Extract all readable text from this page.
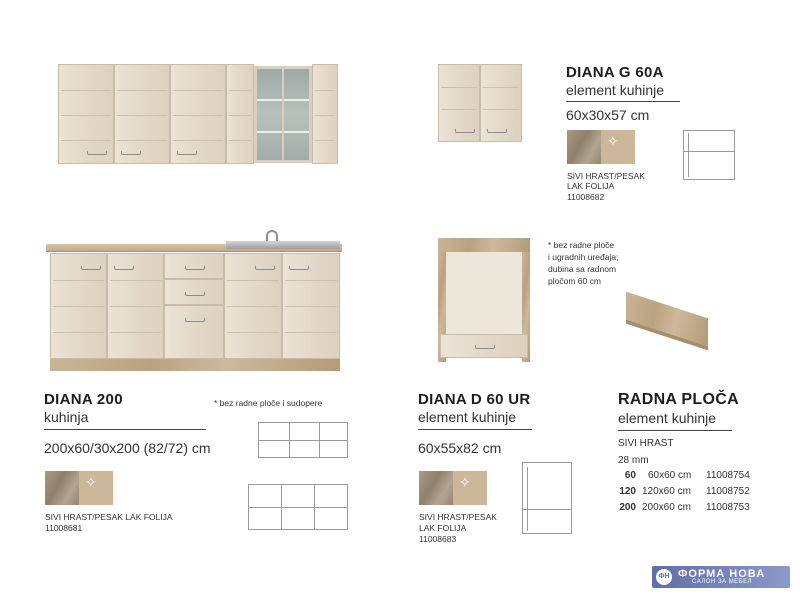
DIANA G 60A
element kuhinje
60x30x57 cm
✧
SIVI HRAST/PESAK
LAK FOLIJA
11008682
* bez radne ploče
i ugradnih uređaja;
dubina sa radnom
pločom 60 cm
DIANA 200	* bez radne ploče i sudopere
kuhinja
200x60/30x200 (82/72) cm
✧
SIVI HRAST/PESAK LAK FOLIJA
11008681
DIANA D 60 UR
element kuhinje
60x55x82 cm
✧
SIVI HRAST/PESAK
LAK FOLIJA
11008683
RADNA PLOČA
element kuhinje
SIVI HRAST
28 mm
60 60x60 cm 11008754
120 120x60 cm 11008752
200 200x60 cm 11008753
ФН ФОРМА НОВА
САЛОН ЗА МЕБЕЛ
